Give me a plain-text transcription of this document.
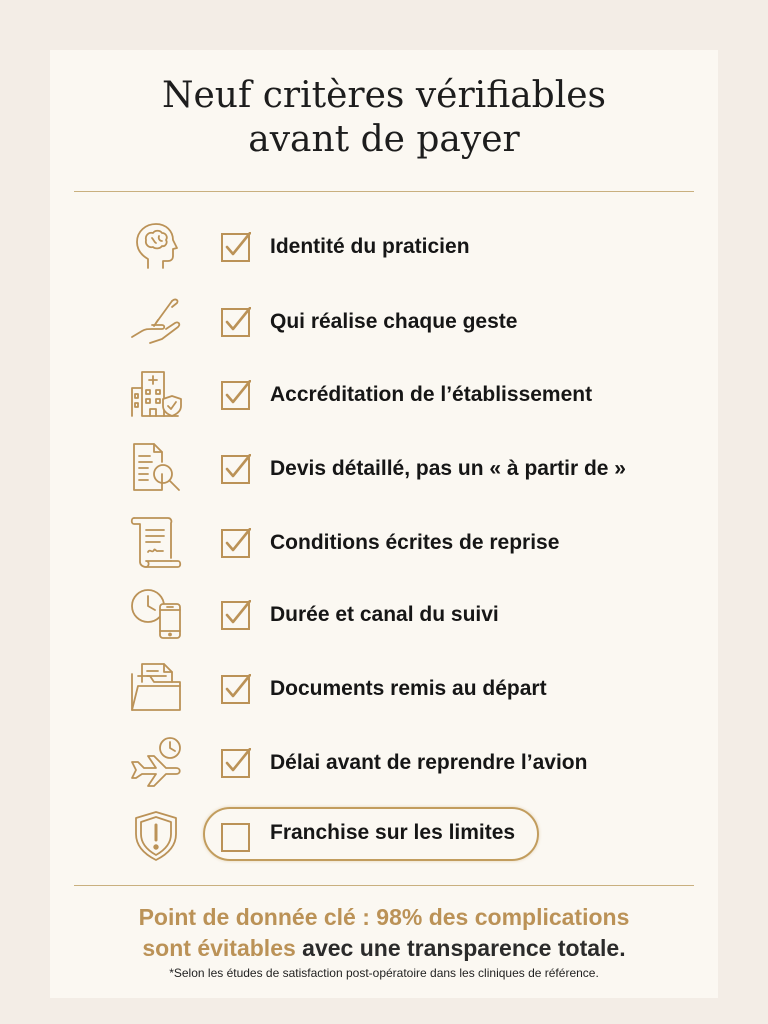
Neuf critères vérifiables
avant de payer
Identité du praticien
Qui réalise chaque geste
Accréditation de l’établissement
Devis détaillé, pas un « à partir de »
Conditions écrites de reprise
Durée et canal du suivi
Documents remis au départ
Délai avant de reprendre l’avion
Franchise sur les limites
Point de donnée clé : 98% des complications
sont évitables avec une transparence totale.
*Selon les études de satisfaction post-opératoire dans les cliniques de référence.
